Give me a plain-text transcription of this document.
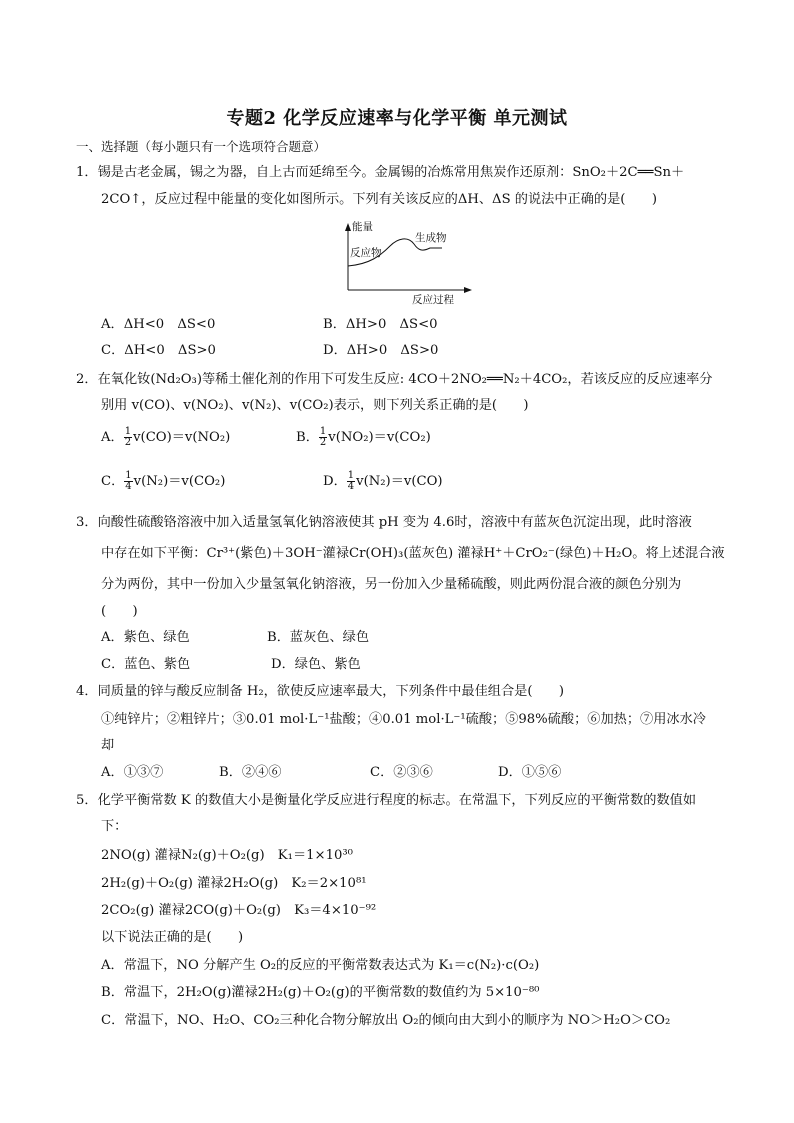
专题2 化学反应速率与化学平衡 单元测试
一、选择题（每小题只有一个选项符合题意）
1．锡是古老金属，锡之为器，自上古而延绵至今。金属锡的冶炼常用焦炭作还原剂：SnO₂＋2C══Sn＋
2CO↑，反应过程中能量的变化如图所示。下列有关该反应的ΔH、ΔS 的说法中正确的是(　　)
能量
反应物
生成物
反应过程
A．ΔH<0　ΔS<0	B．ΔH>0　ΔS<0
C．ΔH<0　ΔS>0	D．ΔH>0　ΔS>0
2．在氧化钕(Nd₂O₃)等稀土催化剂的作用下可发生反应: 4CO＋2NO₂══N₂＋4CO₂，若该反应的反应速率分
别用 v(CO)、v(NO₂)、v(N₂)、v(CO₂)表示，则下列关系正确的是(　　)
A． $\frac{1}{2} v(CO)=v(NO_2)$	B． $\frac{1}{2} v(NO_2)=v(CO_2)$
C． $\frac{1}{4} v(N_2)=v(CO_2)$	D． $\frac{1}{4} v(N_2)=v(CO)$
3．向酸性硫酸铬溶液中加入适量氢氧化钠溶液使其 pH 变为 4.6时，溶液中有蓝灰色沉淀出现，此时溶液
中存在如下平衡：Cr³⁺(紫色)＋3OH⁻灌䘵Cr(OH)₃(蓝灰色) 灌䘵H⁺＋CrO₂⁻(绿色)＋H₂O。将上述混合液
分为两份，其中一份加入少量氢氧化钠溶液，另一份加入少量稀硫酸，则此两份混合液的颜色分别为
(　　)
A．紫色、绿色	B．蓝灰色、绿色
C．蓝色、紫色	D．绿色、紫色
4．同质量的锌与酸反应制备 H₂，欲使反应速率最大，下列条件中最佳组合是(　　)
①纯锌片；②粗锌片；③0.01 mol·L⁻¹盐酸；④0.01 mol·L⁻¹硫酸；⑤98%硫酸；⑥加热；⑦用冰水冷
却
A．①③⑦	B．②④⑥	C．②③⑥	D．①⑤⑥
5．化学平衡常数 K 的数值大小是衡量化学反应进行程度的标志。在常温下，下列反应的平衡常数的数值如
下：
2NO(g) 灌䘵N₂(g)＋O₂(g)　K₁＝1×10³⁰
2H₂(g)＋O₂(g) 灌䘵2H₂O(g)　K₂＝2×10⁸¹
2CO₂(g) 灌䘵2CO(g)＋O₂(g)　K₃＝4×10⁻⁹²
以下说法正确的是(　　)
A．常温下，NO 分解产生 O₂的反应的平衡常数表达式为 K₁＝c(N₂)·c(O₂)
B．常温下，2H₂O(g)灌䘵2H₂(g)＋O₂(g)的平衡常数的数值约为 5×10⁻⁸⁰
C．常温下，NO、H₂O、CO₂三种化合物分解放出 O₂的倾向由大到小的顺序为 NO＞H₂O＞CO₂
